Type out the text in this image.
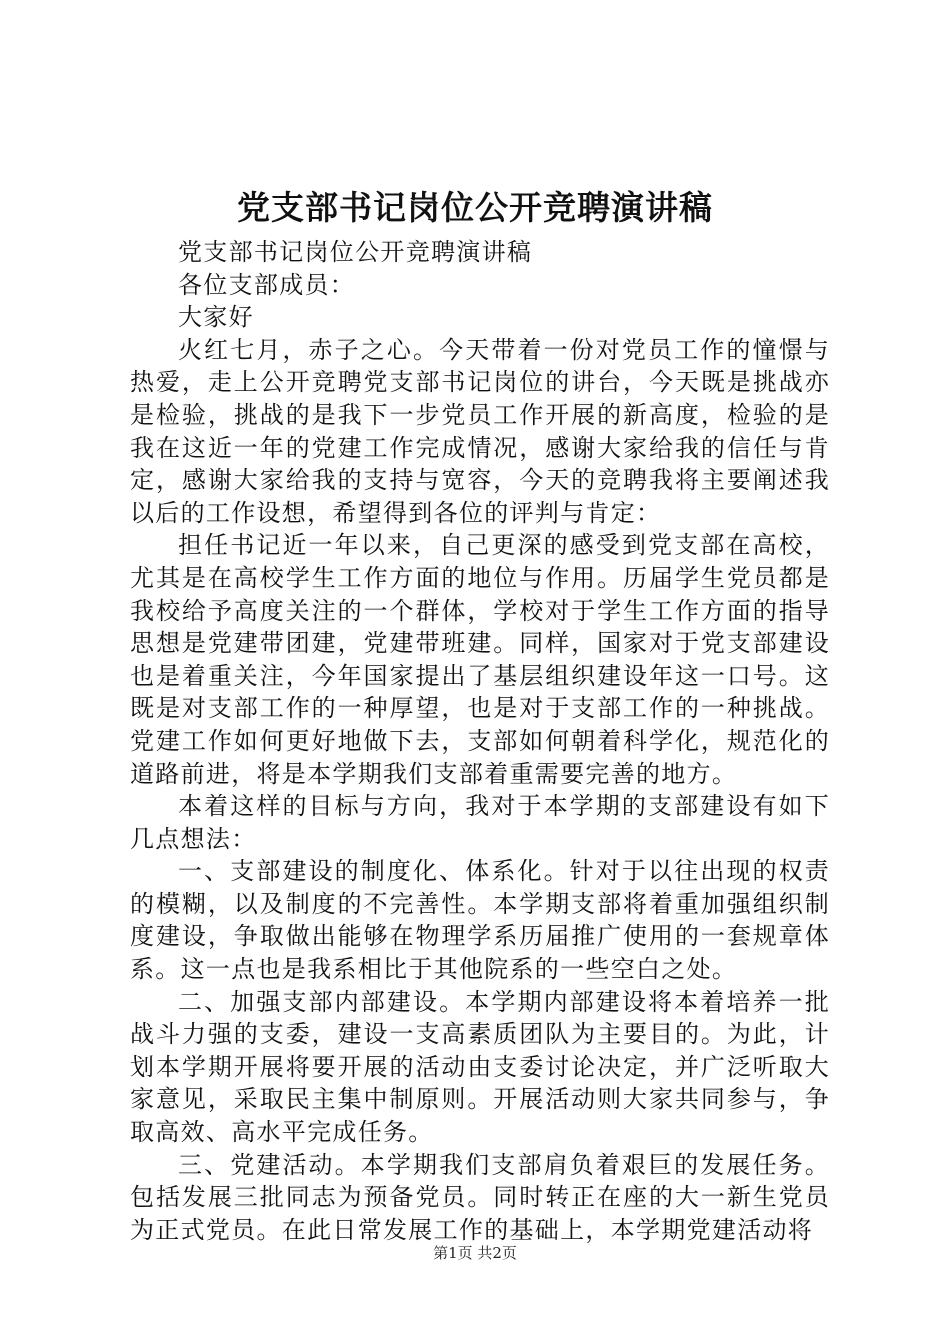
党支部书记岗位公开竞聘演讲稿

党支部书记岗位公开竞聘演讲稿

各位支部成员：

大家好

火红七月，赤子之心。今天带着一份对党员工作的憧憬与热爱，走上公开竞聘党支部书记岗位的讲台，今天既是挑战亦是检验，挑战的是我下一步党员工作开展的新高度，检验的是我在这近一年的党建工作完成情况，感谢大家给我的信任与肯定，感谢大家给我的支持与宽容，今天的竞聘我将主要阐述我以后的工作设想，希望得到各位的评判与肯定：

担任书记近一年以来，自己更深的感受到党支部在高校，尤其是在高校学生工作方面的地位与作用。历届学生党员都是我校给予高度关注的一个群体，学校对于学生工作方面的指导思想是党建带团建，党建带班建。同样，国家对于党支部建设也是着重关注，今年国家提出了基层组织建设年这一口号。这既是对支部工作的一种厚望，也是对于支部工作的一种挑战。党建工作如何更好地做下去，支部如何朝着科学化，规范化的道路前进，将是本学期我们支部着重需要完善的地方。

本着这样的目标与方向，我对于本学期的支部建设有如下几点想法：

一、支部建设的制度化、体系化。针对于以往出现的权责的模糊，以及制度的不完善性。本学期支部将着重加强组织制度建设，争取做出能够在物理学系历届推广使用的一套规章体系。这一点也是我系相比于其他院系的一些空白之处。

二、加强支部内部建设。本学期内部建设将本着培养一批战斗力强的支委，建设一支高素质团队为主要目的。为此，计划本学期开展将要开展的活动由支委讨论决定，并广泛听取大家意见，采取民主集中制原则。开展活动则大家共同参与，争取高效、高水平完成任务。

三、党建活动。本学期我们支部肩负着艰巨的发展任务。包括发展三批同志为预备党员。同时转正在座的大一新生党员为正式党员。在此日常发展工作的基础上，本学期党建活动将

第1页 共2页
